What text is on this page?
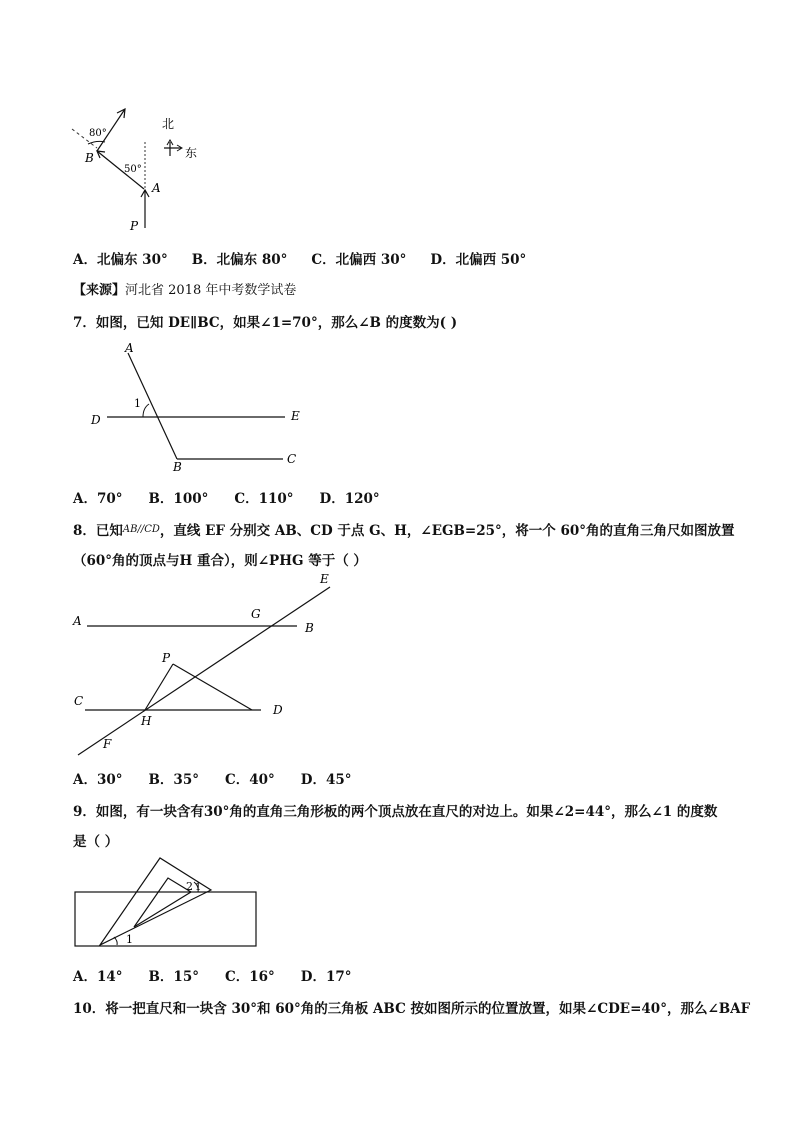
80°
50°
B
A
P
北
东
A．北偏东 30° B．北偏东 80° C．北偏西 30° D．北偏西 50°
【来源】河北省 2018 年中考数学试卷
7．如图，已知 DE∥BC，如果∠1=70°，那么∠B 的度数为( )
A
D	E
B
C
1
A．70° B．100° C．110° D．120°
8．已知$^{AB//CD}$，直线 EF 分别交 AB、CD 于点 G、H，∠EGB=25°，将一个 60°角的直角三角尺如图放置
（60°角的顶点与H 重合），则∠PHG 等于（ ）
E
A	G
B
P
C
H
D
F
A．30° B．35° C．40° D．45°
9．如图，有一块含有30°角的直角三角形板的两个顶点放在直尺的对边上。如果∠2=44°，那么∠1 的度数
是（ ）
2 1
1
A．14° B．15° C．16° D．17°
10．将一把直尺和一块含 30°和 60°角的三角板 ABC 按如图所示的位置放置，如果∠CDE=40°，那么∠BAF
